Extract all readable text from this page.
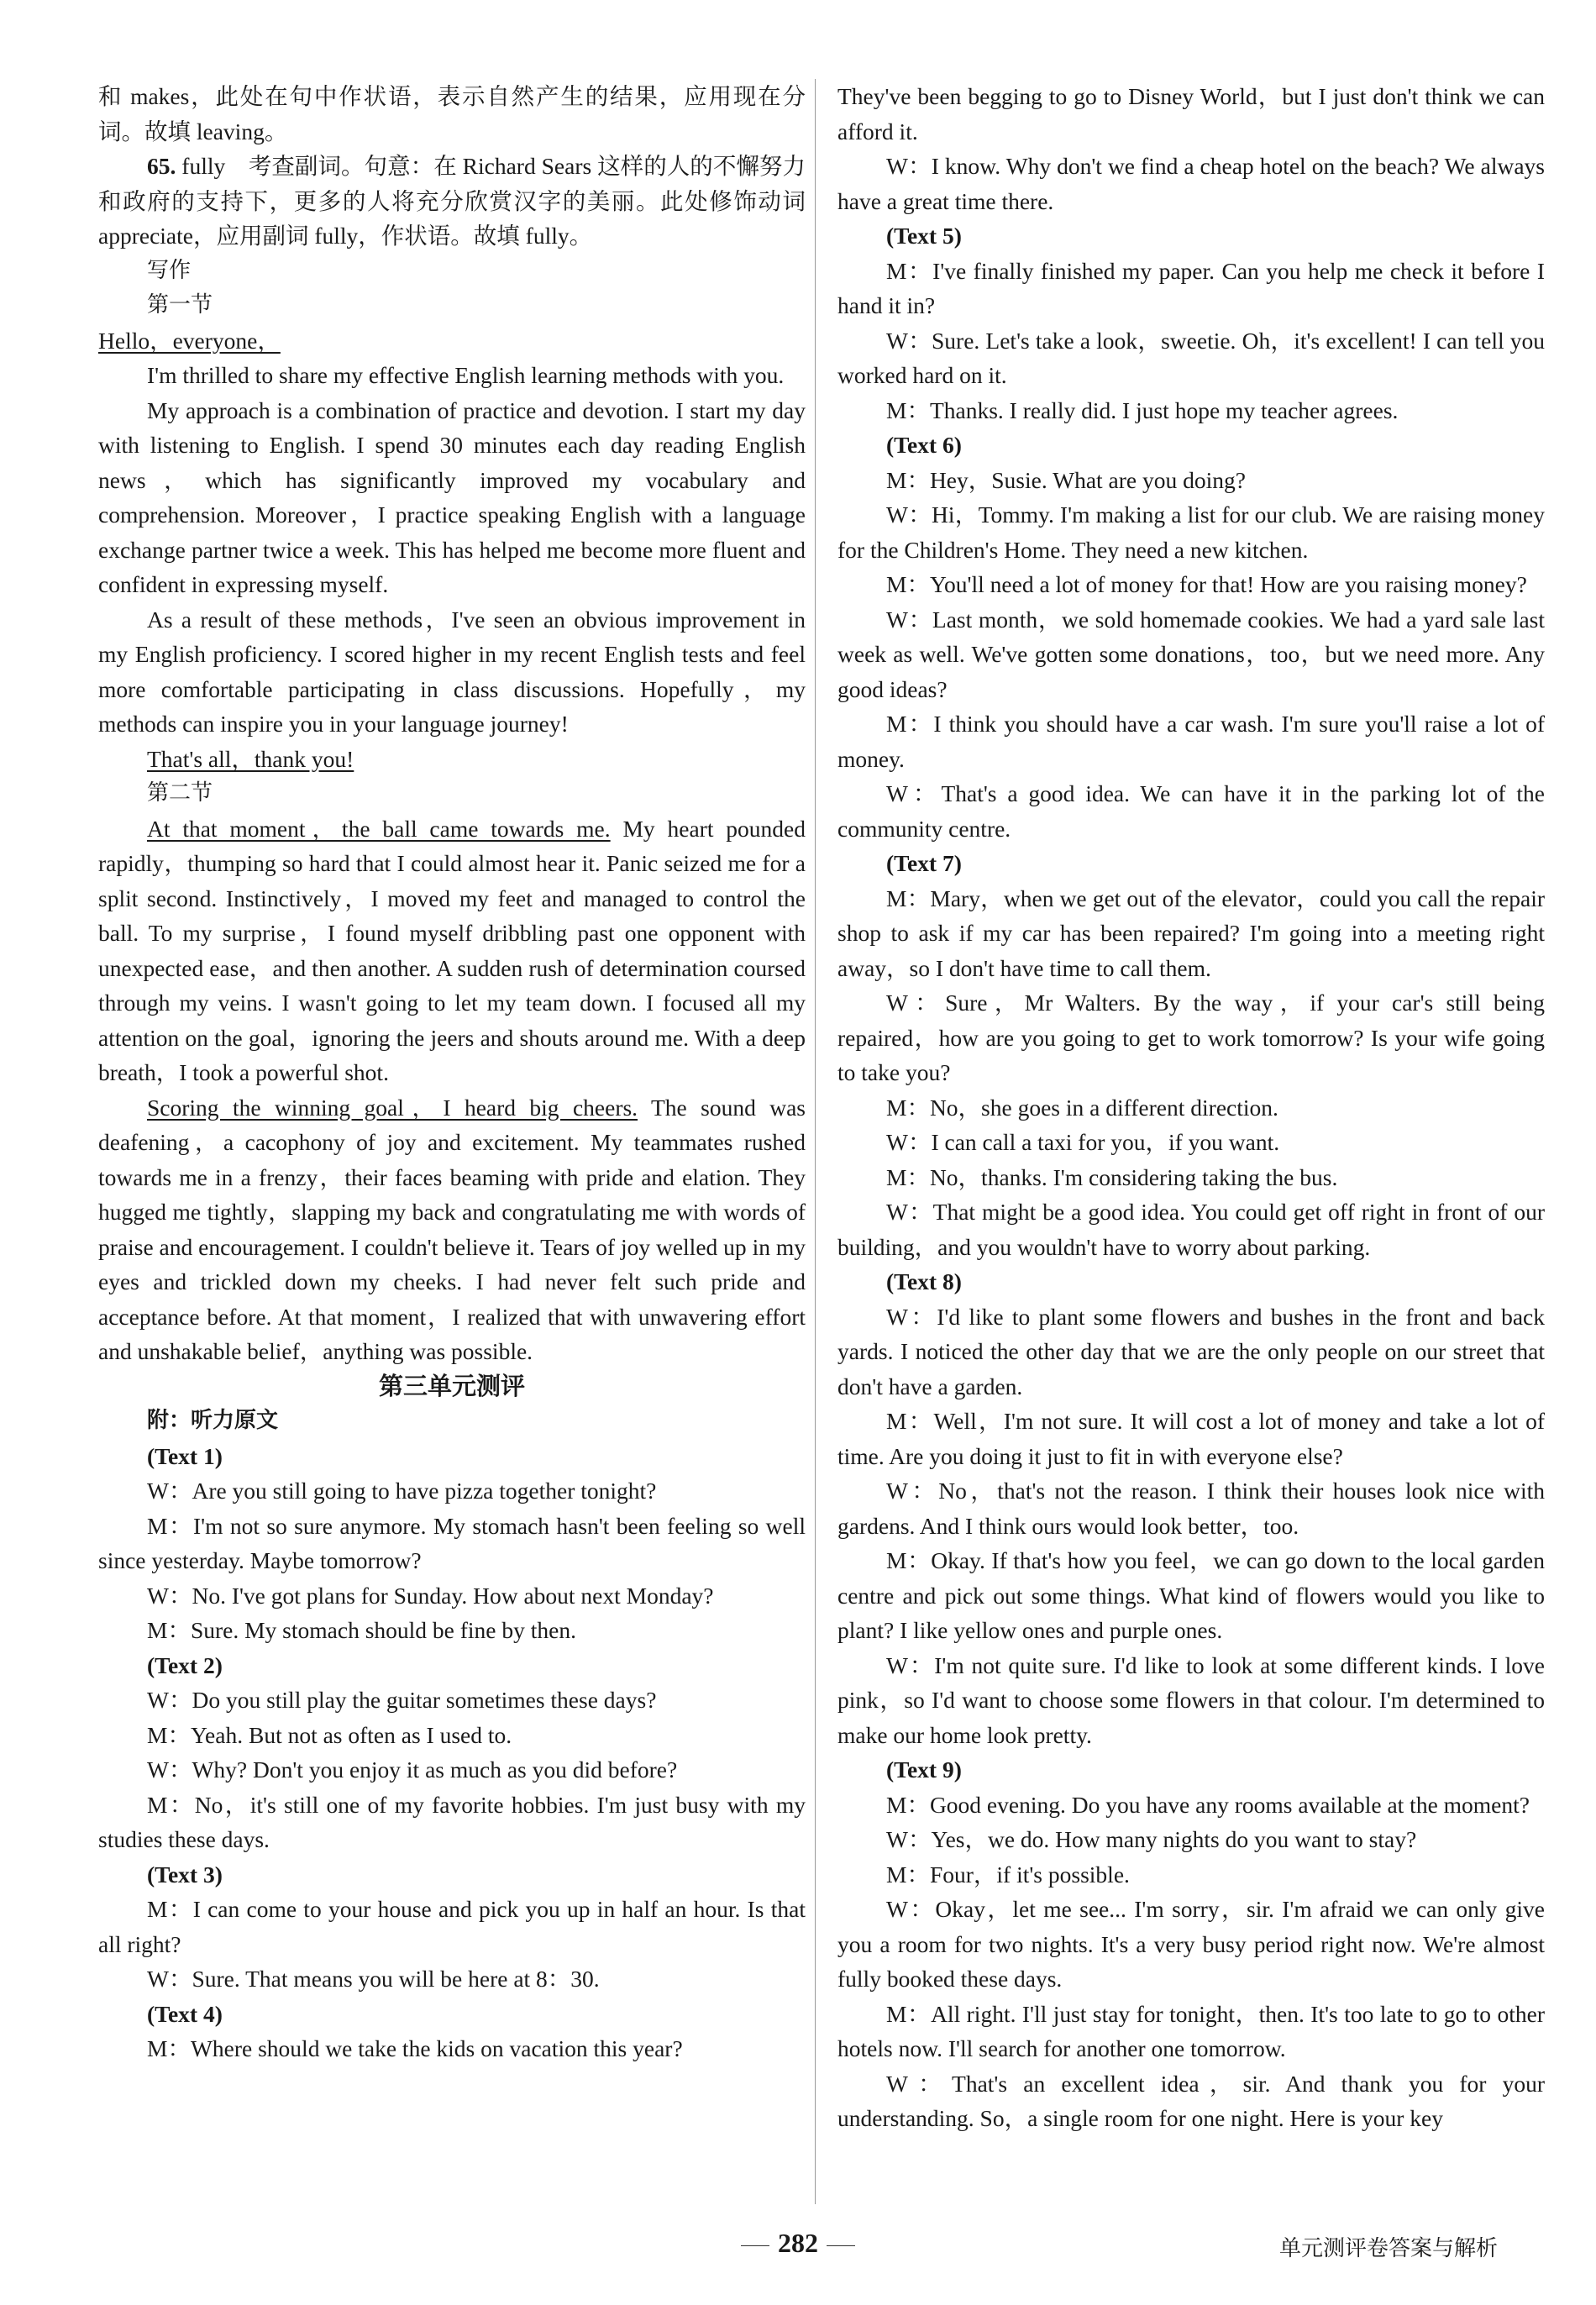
和 makes，此处在句中作状语，表示自然产生的结果，应用现在分词。故填 leaving。

65. fully　考查副词。句意：在 Richard Sears 这样的人的不懈努力和政府的支持下，更多的人将充分欣赏汉字的美丽。此处修饰动词 appreciate，应用副词 fully，作状语。故填 fully。

写作

第一节

Hello，everyone，

I'm thrilled to share my effective English learning methods with you.

My approach is a combination of practice and devotion. I start my day with listening to English. I spend 30 minutes each day reading English news，which has significantly improved my vocabulary and comprehension. Moreover，I practice speaking English with a language exchange partner twice a week. This has helped me become more fluent and confident in expressing myself.

As a result of these methods，I've seen an obvious improvement in my English proficiency. I scored higher in my recent English tests and feel more comfortable participating in class discussions. Hopefully，my methods can inspire you in your language journey!

That's all，thank you!

第二节

At that moment，the ball came towards me. My heart pounded rapidly，thumping so hard that I could almost hear it. Panic seized me for a split second. Instinctively，I moved my feet and managed to control the ball. To my surprise，I found myself dribbling past one opponent with unexpected ease，and then another. A sudden rush of determination coursed through my veins. I wasn't going to let my team down. I focused all my attention on the goal，ignoring the jeers and shouts around me. With a deep breath，I took a powerful shot.

Scoring the winning goal，I heard big cheers. The sound was deafening，a cacophony of joy and excitement. My teammates rushed towards me in a frenzy，their faces beaming with pride and elation. They hugged me tightly，slapping my back and congratulating me with words of praise and encouragement. I couldn't believe it. Tears of joy welled up in my eyes and trickled down my cheeks. I had never felt such pride and acceptance before. At that moment，I realized that with unwavering effort and unshakable belief，anything was possible.

第三单元测评

附：听力原文

(Text 1)

W：Are you still going to have pizza together tonight?

M：I'm not so sure anymore. My stomach hasn't been feeling so well since yesterday. Maybe tomorrow?

W：No. I've got plans for Sunday. How about next Monday?

M：Sure. My stomach should be fine by then.

(Text 2)

W：Do you still play the guitar sometimes these days?

M：Yeah. But not as often as I used to.

W：Why? Don't you enjoy it as much as you did before?

M：No，it's still one of my favorite hobbies. I'm just busy with my studies these days.

(Text 3)

M：I can come to your house and pick you up in half an hour. Is that all right?

W：Sure. That means you will be here at 8：30.

(Text 4)

M：Where should we take the kids on vacation this year?

They've been begging to go to Disney World，but I just don't think we can afford it.

W：I know. Why don't we find a cheap hotel on the beach? We always have a great time there.

(Text 5)

M：I've finally finished my paper. Can you help me check it before I hand it in?

W：Sure. Let's take a look，sweetie. Oh，it's excellent! I can tell you worked hard on it.

M：Thanks. I really did. I just hope my teacher agrees.

(Text 6)

M：Hey，Susie. What are you doing?

W：Hi，Tommy. I'm making a list for our club. We are raising money for the Children's Home. They need a new kitchen.

M：You'll need a lot of money for that! How are you raising money?

W：Last month，we sold homemade cookies. We had a yard sale last week as well. We've gotten some donations，too，but we need more. Any good ideas?

M：I think you should have a car wash. I'm sure you'll raise a lot of money.

W：That's a good idea. We can have it in the parking lot of the community centre.

(Text 7)

M：Mary，when we get out of the elevator，could you call the repair shop to ask if my car has been repaired? I'm going into a meeting right away，so I don't have time to call them.

W：Sure，Mr Walters. By the way，if your car's still being repaired，how are you going to get to work tomorrow? Is your wife going to take you?

M：No，she goes in a different direction.

W：I can call a taxi for you，if you want.

M：No，thanks. I'm considering taking the bus.

W：That might be a good idea. You could get off right in front of our building，and you wouldn't have to worry about parking.

(Text 8)

W：I'd like to plant some flowers and bushes in the front and back yards. I noticed the other day that we are the only people on our street that don't have a garden.

M：Well，I'm not sure. It will cost a lot of money and take a lot of time. Are you doing it just to fit in with everyone else?

W：No，that's not the reason. I think their houses look nice with gardens. And I think ours would look better，too.

M：Okay. If that's how you feel，we can go down to the local garden centre and pick out some things. What kind of flowers would you like to plant? I like yellow ones and purple ones.

W：I'm not quite sure. I'd like to look at some different kinds. I love pink，so I'd want to choose some flowers in that colour. I'm determined to make our home look pretty.

(Text 9)

M：Good evening. Do you have any rooms available at the moment?

W：Yes，we do. How many nights do you want to stay?

M：Four，if it's possible.

W：Okay，let me see... I'm sorry，sir. I'm afraid we can only give you a room for two nights. It's a very busy period right now. We're almost fully booked these days.

M：All right. I'll just stay for tonight，then. It's too late to go to other hotels now. I'll search for another one tomorrow.

W：That's an excellent idea，sir. And thank you for your understanding. So，a single room for one night. Here is your key

282	单元测评卷答案与解析
